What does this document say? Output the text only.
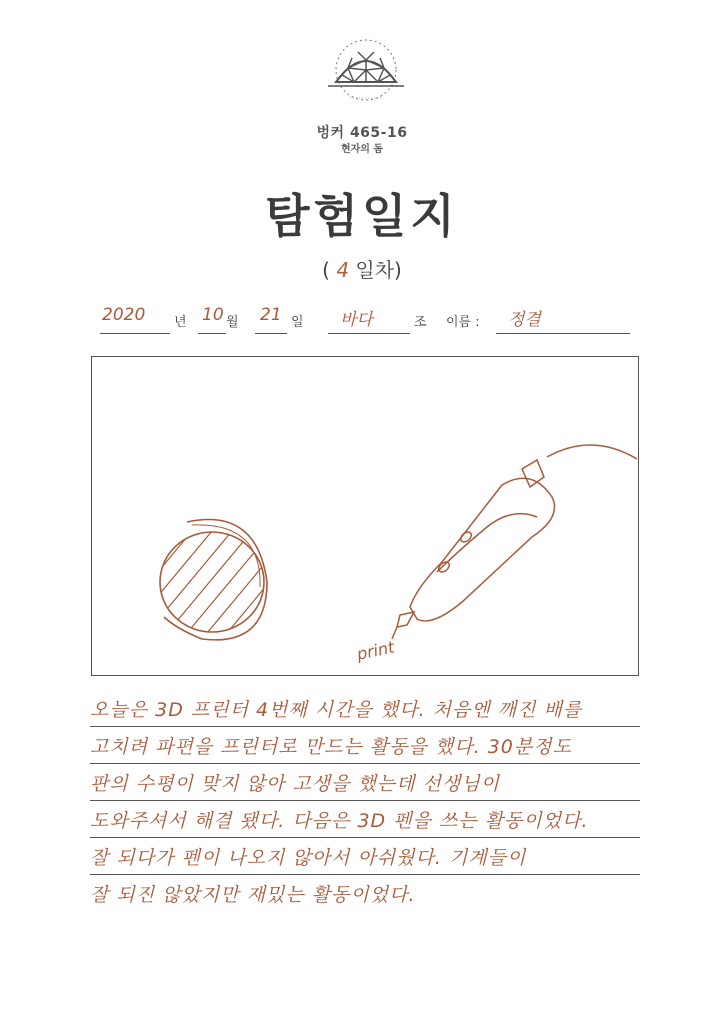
벙커 465-16
현자의 돔
탐험일지
( 4 일차)
2020 년 10 월 21 일 바다	조 이름 : 정결
print
오늘은 3D 프린터 4번째 시간을 했다. 처음엔 깨진 배를
고치려 파편을 프린터로 만드는 활동을 했다. 30분정도
판의 수평이 맞지 않아 고생을 했는데 선생님이
도와주셔서 해결 됐다. 다음은 3D 펜을 쓰는 활동이었다.
잘 되다가 펜이 나오지 않아서 아쉬웠다. 기계들이
잘 되진 않았지만 재밌는 활동이었다.
